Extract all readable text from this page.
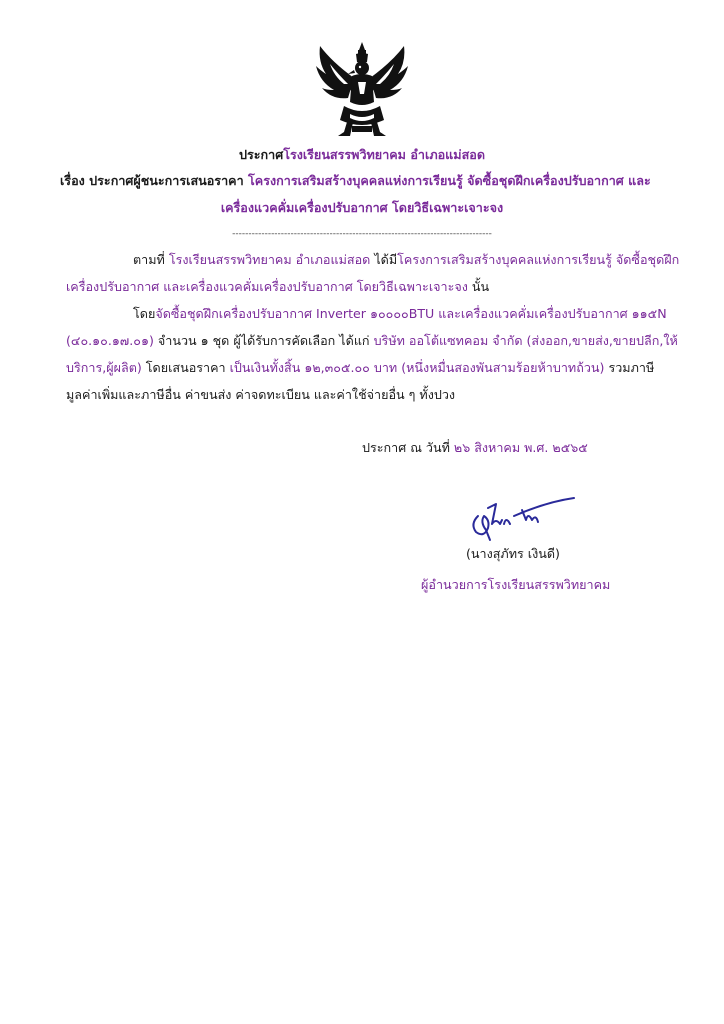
ประกาศโรงเรียนสรรพวิทยาคม อำเภอแม่สอด
เรื่อง ประกาศผู้ชนะการเสนอราคา โครงการเสริมสร้างบุคคลแห่งการเรียนรู้ จัดซื้อชุดฝึกเครื่องปรับอากาศ และ
เครื่องแวคคั่มเครื่องปรับอากาศ โดยวิธีเฉพาะเจาะจง
--------------------------------------------------------------------------------
ตามที่ โรงเรียนสรรพวิทยาคม อำเภอแม่สอด ได้มีโครงการเสริมสร้างบุคคลแห่งการเรียนรู้ จัดซื้อชุดฝึก
เครื่องปรับอากาศ และเครื่องแวคคั่มเครื่องปรับอากาศ โดยวิธีเฉพาะเจาะจง นั้น
โดยจัดซื้อชุดฝึกเครื่องปรับอากาศ Inverter ๑๐๐๐๐BTU และเครื่องแวคคั่มเครื่องปรับอากาศ ๑๑๕N
(๔๐.๑๐.๑๗.๐๑) จำนวน ๑ ชุด ผู้ได้รับการคัดเลือก ได้แก่ บริษัท ออโต้แซทคอม จำกัด (ส่งออก,ขายส่ง,ขายปลีก,ให้
บริการ,ผู้ผลิต) โดยเสนอราคา เป็นเงินทั้งสิ้น ๑๒,๓๐๕.๐๐ บาท (หนึ่งหมื่นสองพันสามร้อยห้าบาทถ้วน) รวมภาษี
มูลค่าเพิ่มและภาษีอื่น ค่าขนส่ง ค่าจดทะเบียน และค่าใช้จ่ายอื่น ๆ ทั้งปวง
ประกาศ ณ วันที่ ๒๖ สิงหาคม พ.ศ. ๒๕๖๕
(นางสุภัทร เงินดี)
ผู้อำนวยการโรงเรียนสรรพวิทยาคม
